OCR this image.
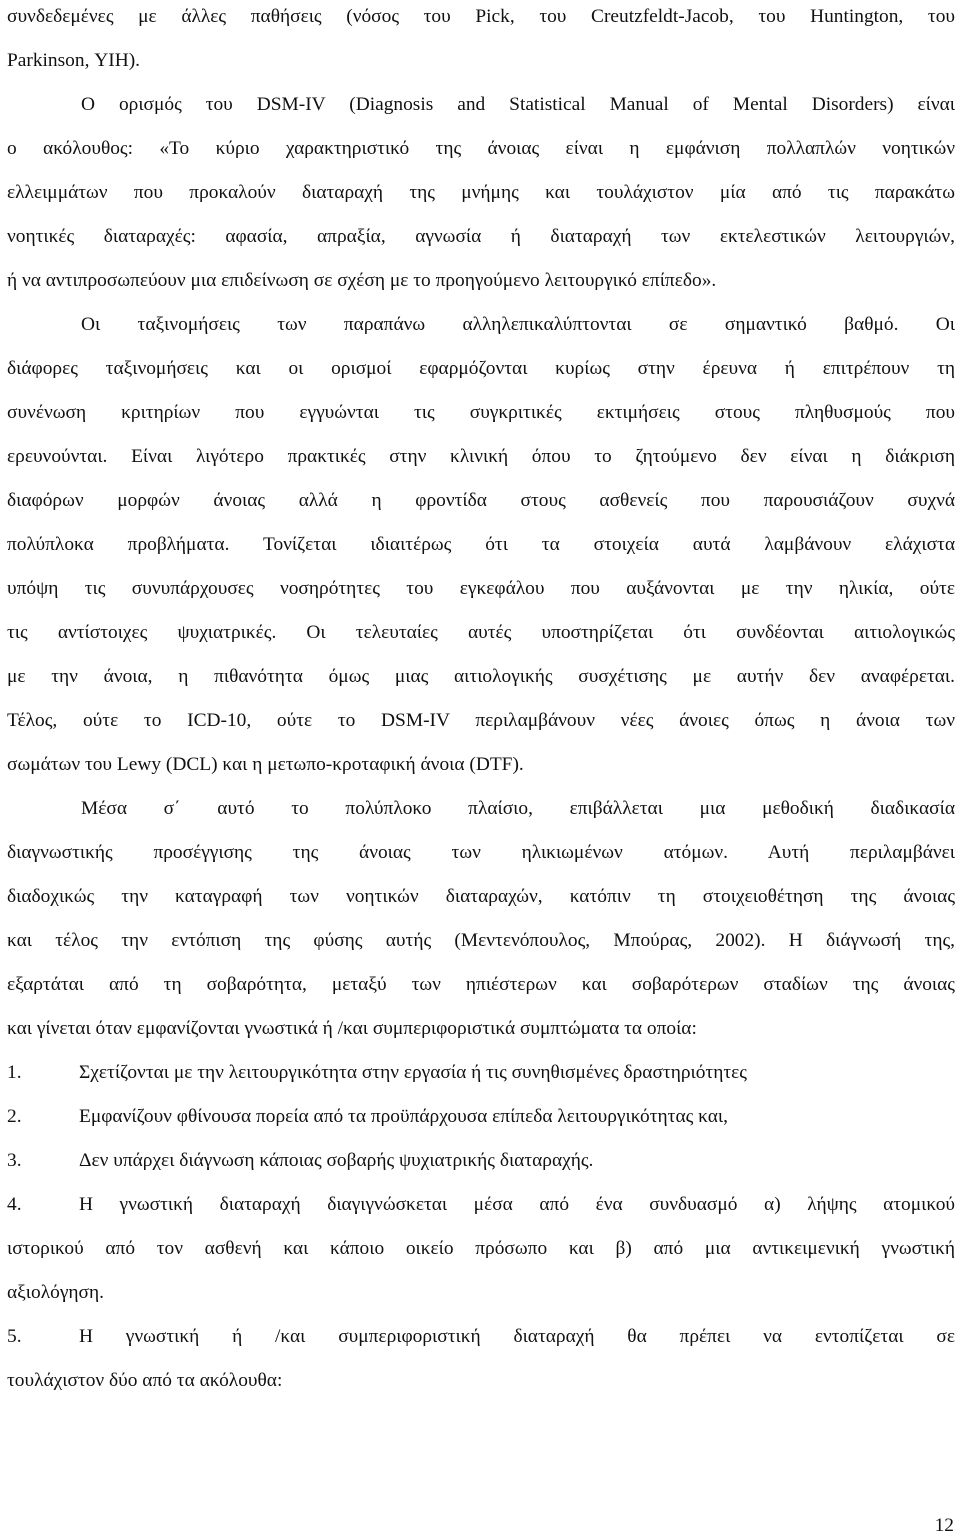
συνδεδεμένες με άλλες παθήσεις (νόσος του Pick, του Creutzfeldt-Jacob, του Huntington, του
Parkinson, ΥΙΗ).
Ο ορισμός του DSM-IV (Diagnosis and Statistical Manual of Mental Disorders) είναι
ο ακόλουθος: «Το κύριο χαρακτηριστικό της άνοιας είναι η εμφάνιση πολλαπλών νοητικών
ελλειμμάτων που προκαλούν διαταραχή της μνήμης και τουλάχιστον μία από τις παρακάτω
νοητικές διαταραχές: αφασία, απραξία, αγνωσία ή διαταραχή των εκτελεστικών λειτουργιών,
ή να αντιπροσωπεύουν μια επιδείνωση σε σχέση με το προηγούμενο λειτουργικό επίπεδο».
Οι ταξινομήσεις των παραπάνω αλληλεπικαλύπτονται σε σημαντικό βαθμό. Οι
διάφορες ταξινομήσεις και οι ορισμοί εφαρμόζονται κυρίως στην έρευνα ή επιτρέπουν τη
συνένωση κριτηρίων που εγγυώνται τις συγκριτικές εκτιμήσεις στους πληθυσμούς που
ερευνούνται. Είναι λιγότερο πρακτικές στην κλινική όπου το ζητούμενο δεν είναι η διάκριση
διαφόρων μορφών άνοιας αλλά η φροντίδα στους ασθενείς που παρουσιάζουν συχνά
πολύπλοκα προβλήματα. Τονίζεται ιδιαιτέρως ότι τα στοιχεία αυτά λαμβάνουν ελάχιστα
υπόψη τις συνυπάρχουσες νοσηρότητες του εγκεφάλου που αυξάνονται με την ηλικία, ούτε
τις αντίστοιχες ψυχιατρικές. Οι τελευταίες αυτές υποστηρίζεται ότι συνδέονται αιτιολογικώς
με την άνοια, η πιθανότητα όμως μιας αιτιολογικής συσχέτισης με αυτήν δεν αναφέρεται.
Τέλος, ούτε το ICD-10, ούτε το DSM-IV περιλαμβάνουν νέες άνοιες όπως η άνοια των
σωμάτων του Lewy (DCL) και η μετωπο-κροταφική άνοια (DTF).
Μέσα σ΄ αυτό το πολύπλοκο πλαίσιο, επιβάλλεται μια μεθοδική διαδικασία
διαγνωστικής προσέγγισης της άνοιας των ηλικιωμένων ατόμων. Αυτή περιλαμβάνει
διαδοχικώς την καταγραφή των νοητικών διαταραχών, κατόπιν τη στοιχειοθέτηση της άνοιας
και τέλος την εντόπιση της φύσης αυτής (Μεντενόπουλος, Μπούρας, 2002). Η διάγνωσή της,
εξαρτάται από τη σοβαρότητα, μεταξύ των ηπιέστερων και σοβαρότερων σταδίων της άνοιας
και γίνεται όταν εμφανίζονται γνωστικά ή /και συμπεριφοριστικά συμπτώματα τα οποία:
1.	Σχετίζονται με την λειτουργικότητα στην εργασία ή τις συνηθισμένες δραστηριότητες
2.	Εμφανίζουν φθίνουσα πορεία από τα προϋπάρχουσα επίπεδα λειτουργικότητας και,
3.	Δεν υπάρχει διάγνωση κάποιας σοβαρής ψυχιατρικής διαταραχής.
4.	Η γνωστική διαταραχή διαγιγνώσκεται μέσα από ένα συνδυασμό α) λήψης ατομικού
ιστορικού από τον ασθενή και κάποιο οικείο πρόσωπο και β) από μια αντικειμενική γνωστική
αξιολόγηση.
5.	Η γνωστική ή /και συμπεριφοριστική διαταραχή θα πρέπει να εντοπίζεται σε
τουλάχιστον δύο από τα ακόλουθα:
12
